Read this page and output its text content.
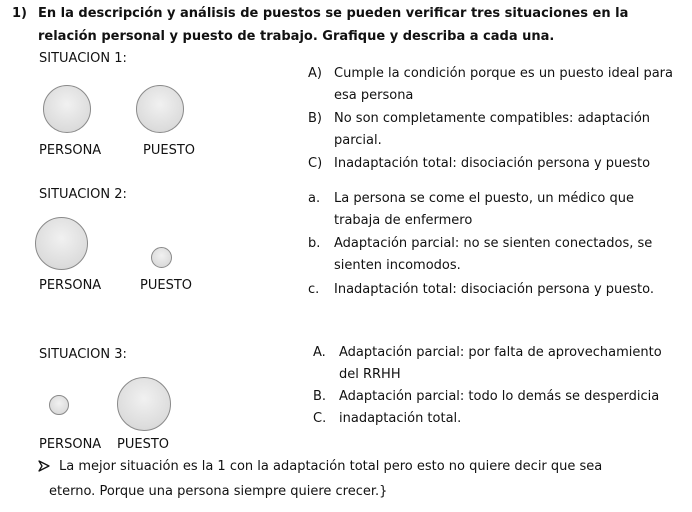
1) En la descripción y análisis de puestos se pueden verificar tres situaciones en la
relación personal y puesto de trabajo. Grafique y describa a cada una.
SITUACION 1:
PERSONA	PUESTO
A) Cumple la condición porque es un puesto ideal para
esa persona
B) No son completamente compatibles: adaptación
parcial.
C) Inadaptación total: disociación persona y puesto
SITUACION 2:
PERSONA	PUESTO
a.	La persona se come el puesto, un médico que
trabaja de enfermero
b.	Adaptación parcial: no se sienten conectados, se
sienten incomodos.
c.	Inadaptación total: disociación persona y puesto.
SITUACION 3:
PERSONA PUESTO
A.	Adaptación parcial: por falta de aprovechamiento
del RRHH
B. Adaptación parcial: todo lo demás se desperdicia
C. inadaptación total.
La mejor situación es la 1 con la adaptación total pero esto no quiere decir que sea
eterno. Porque una persona siempre quiere crecer.}
